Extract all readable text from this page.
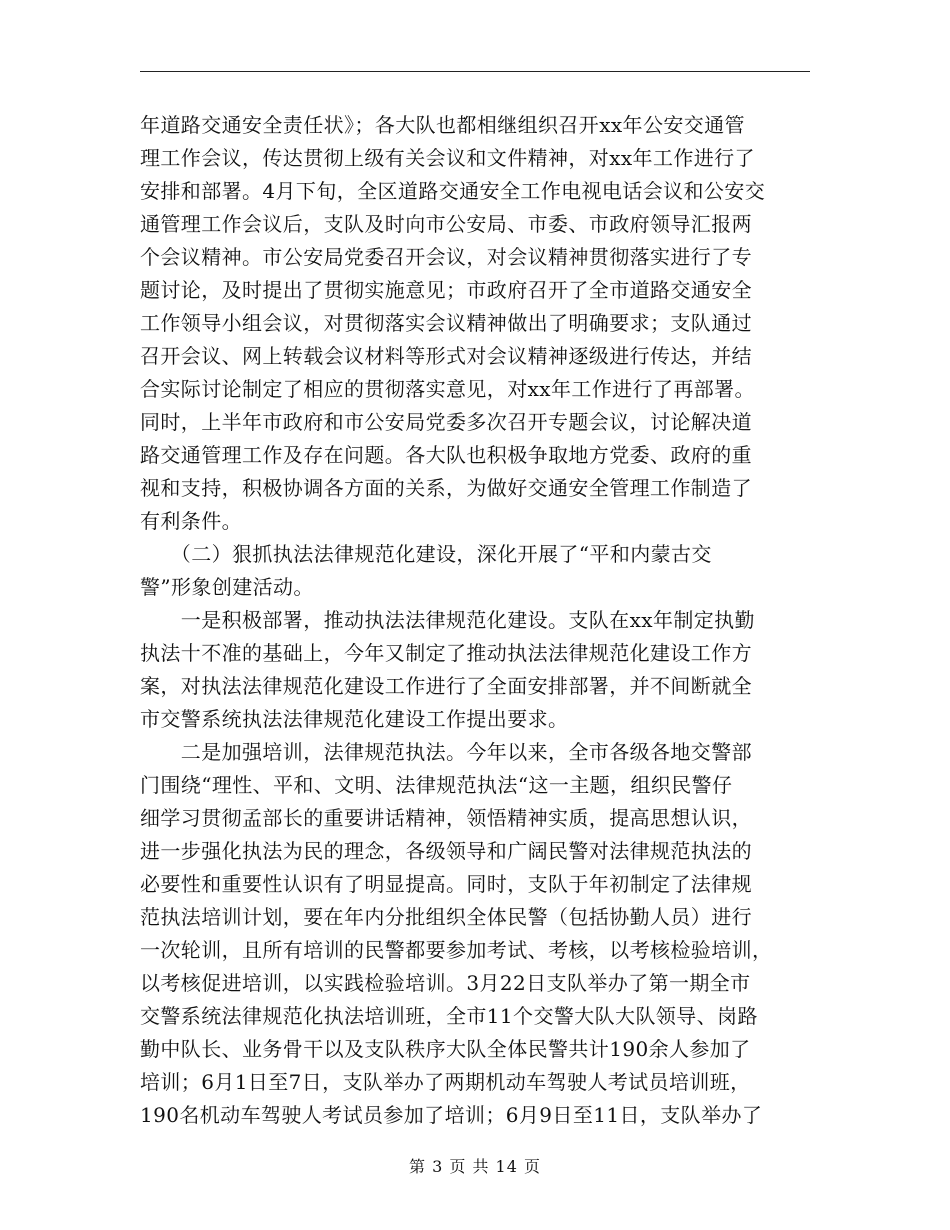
年道路交通安全责任状》；各大队也都相继组织召开xx年公安交通管
理工作会议，传达贯彻上级有关会议和文件精神，对xx年工作进行了
安排和部署。4月下旬，全区道路交通安全工作电视电话会议和公安交
通管理工作会议后，支队及时向市公安局、市委、市政府领导汇报两
个会议精神。市公安局党委召开会议，对会议精神贯彻落实进行了专
题讨论，及时提出了贯彻实施意见；市政府召开了全市道路交通安全
工作领导小组会议，对贯彻落实会议精神做出了明确要求；支队通过
召开会议、网上转载会议材料等形式对会议精神逐级进行传达，并结
合实际讨论制定了相应的贯彻落实意见，对xx年工作进行了再部署。
同时，上半年市政府和市公安局党委多次召开专题会议，讨论解决道
路交通管理工作及存在问题。各大队也积极争取地方党委、政府的重
视和支持，积极协调各方面的关系，为做好交通安全管理工作制造了
有利条件。
　　（二）狠抓执法法律规范化建设，深化开展了“平和内蒙古交
警”形象创建活动。
　　一是积极部署，推动执法法律规范化建设。支队在xx年制定执勤
执法十不准的基础上，今年又制定了推动执法法律规范化建设工作方
案，对执法法律规范化建设工作进行了全面安排部署，并不间断就全
市交警系统执法法律规范化建设工作提出要求。
　　二是加强培训，法律规范执法。今年以来，全市各级各地交警部
门围绕“理性、平和、文明、法律规范执法“这一主题，组织民警仔
细学习贯彻孟部长的重要讲话精神，领悟精神实质，提高思想认识，
进一步强化执法为民的理念，各级领导和广阔民警对法律规范执法的
必要性和重要性认识有了明显提高。同时，支队于年初制定了法律规
范执法培训计划，要在年内分批组织全体民警（包括协勤人员）进行
一次轮训，且所有培训的民警都要参加考试、考核，以考核检验培训，
以考核促进培训，以实践检验培训。3月22日支队举办了第一期全市
交警系统法律规范化执法培训班，全市11个交警大队大队领导、岗路
勤中队长、业务骨干以及支队秩序大队全体民警共计190余人参加了
培训；6月1日至7日，支队举办了两期机动车驾驶人考试员培训班，
190名机动车驾驶人考试员参加了培训；6月9日至11日，支队举办了
第 3 页 共 14 页
